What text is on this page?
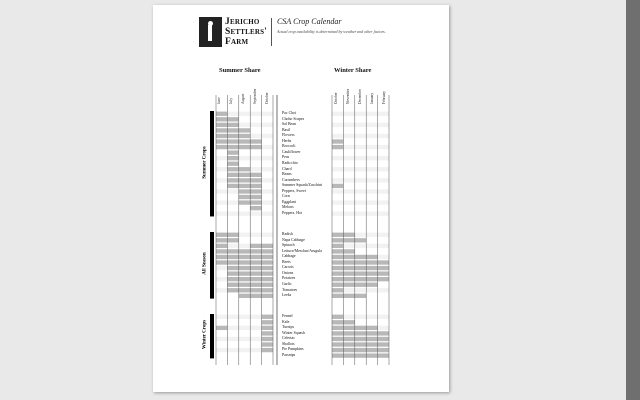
Jericho
Settlers'
Farm
CSA Crop Calendar
Actual crop availability is determined by weather and other factors.
Summer Share	Winter Share
June July August September October	October November December January February
Summer Crops
Pac Choi
Choho Scapes
Sal Bean
Basil
Flowers
Herbs
Broccoli
Cauliflower
Peas
Radicchio
Chard
Beans
Cucumbers
Summer Squash/Zucchini
Peppers, Sweet
Corn
Eggplant
Melons
Peppers, Hot
All Season
Radish
Napa Cabbage
Spinach
Lettuce/Mesclun/Arugula
Cabbage
Beets
Carrots
Onions
Potatoes
Garlic
Tomatoes
Leeks
Winter Crops
Fennel
Kale
Turnips
Winter Squash
Celeriac
Shallots
Pie Pumpkins
Parsnips
